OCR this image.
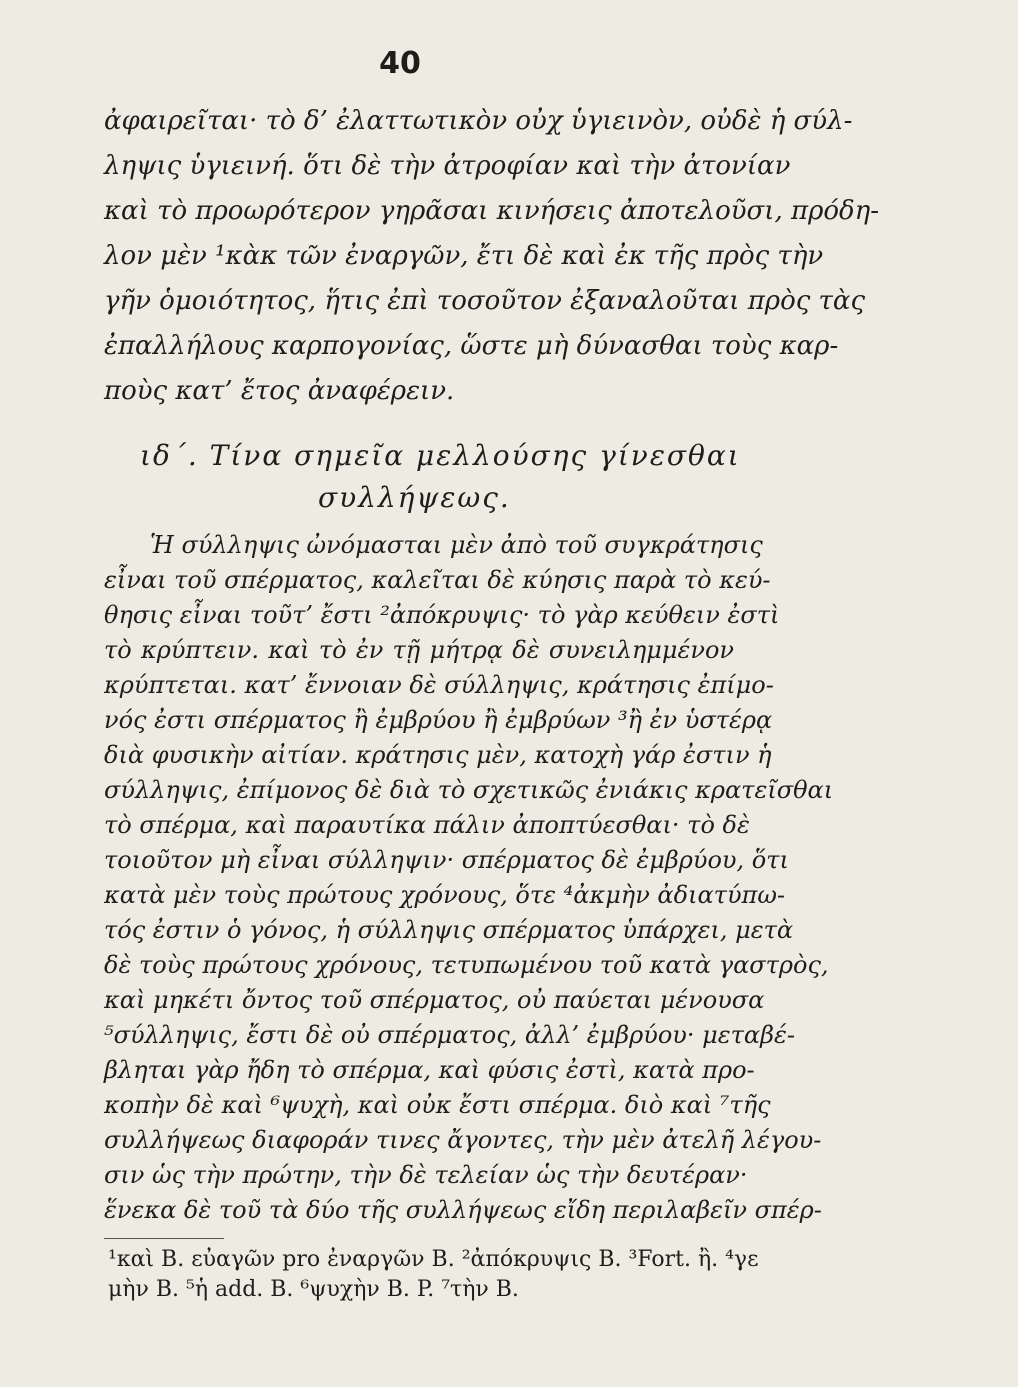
40
ἀφαιρεῖται· τὸ δ’ ἐλαττωτικὸν οὐχ ὑγιεινὸν, οὐδὲ ἡ σύλ-
ληψις ὑγιεινή. ὅτι δὲ τὴν ἀτροφίαν καὶ τὴν ἀτονίαν
καὶ τὸ προωρότερον γηρᾶσαι κινήσεις ἀποτελοῦσι, πρόδη-
λον μὲν ¹κὰκ τῶν ἐναργῶν, ἔτι δὲ καὶ ἐκ τῆς πρὸς τὴν
γῆν ὁμοιότητος, ἥτις ἐπὶ τοσοῦτον ἐξαναλοῦται πρὸς τὰς
ἐπαλλήλους καρπογονίας, ὥστε μὴ δύνασθαι τοὺς καρ-
ποὺς κατ’ ἔτος ἀναφέρειν.
ιδ΄. Τίνα σημεῖα μελλούσης γίνεσθαι
συλλήψεως.
Ἡ σύλληψις ὠνόμασται μὲν ἀπὸ τοῦ συγκράτησις
εἶναι τοῦ σπέρματος, καλεῖται δὲ κύησις παρὰ τὸ κεύ-
θησις εἶναι τοῦτ’ ἔστι ²ἀπόκρυψις· τὸ γὰρ κεύθειν ἐστὶ
τὸ κρύπτειν. καὶ τὸ ἐν τῇ μήτρᾳ δὲ συνειλημμένον
κρύπτεται. κατ’ ἔννοιαν δὲ σύλληψις, κράτησις ἐπίμο-
νός ἐστι σπέρματος ἢ ἐμβρύου ἢ ἐμβρύων ³ἢ ἐν ὑστέρᾳ
διὰ φυσικὴν αἰτίαν. κράτησις μὲν, κατοχὴ γάρ ἐστιν ἡ
σύλληψις, ἐπίμονος δὲ διὰ τὸ σχετικῶς ἐνιάκις κρατεῖσθαι
τὸ σπέρμα, καὶ παραυτίκα πάλιν ἀποπτύεσθαι· τὸ δὲ
τοιοῦτον μὴ εἶναι σύλληψιν· σπέρματος δὲ ἐμβρύου, ὅτι
κατὰ μὲν τοὺς πρώτους χρόνους, ὅτε ⁴ἀκμὴν ἀδιατύπω-
τός ἐστιν ὁ γόνος, ἡ σύλληψις σπέρματος ὑπάρχει, μετὰ
δὲ τοὺς πρώτους χρόνους, τετυπωμένου τοῦ κατὰ γαστρὸς,
καὶ μηκέτι ὄντος τοῦ σπέρματος, οὐ παύεται μένουσα
⁵σύλληψις, ἔστι δὲ οὐ σπέρματος, ἀλλ’ ἐμβρύου· μεταβέ-
βληται γὰρ ἤδη τὸ σπέρμα, καὶ φύσις ἐστὶ, κατὰ προ-
κοπὴν δὲ καὶ ⁶ψυχὴ, καὶ οὐκ ἔστι σπέρμα. διὸ καὶ ⁷τῆς
συλλήψεως διαφοράν τινες ἄγοντες, τὴν μὲν ἀτελῆ λέγου-
σιν ὡς τὴν πρώτην, τὴν δὲ τελείαν ὡς τὴν δευτέραν·
ἕνεκα δὲ τοῦ τὰ δύο τῆς συλλήψεως εἴδη περιλαβεῖν σπέρ-
¹καὶ B. εὐαγῶν pro ἐναργῶν B. ²ἀπόκρυψις B. ³Fort. ἢ. ⁴γε
μὴν B. ⁵ἡ add. B. ⁶ψυχὴν B. P. ⁷τὴν B.
